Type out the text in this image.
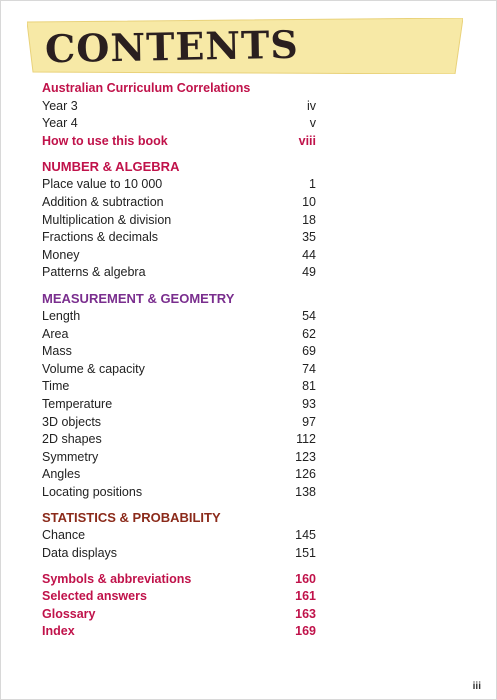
CONTENTS
Australian Curriculum Correlations
Year 3	iv
Year 4	v
How to use this book	viii
NUMBER & ALGEBRA
Place value to 10 000	1
Addition & subtraction	10
Multiplication & division	18
Fractions & decimals	35
Money	44
Patterns & algebra	49
MEASUREMENT & GEOMETRY
Length	54
Area	62
Mass	69
Volume & capacity	74
Time	81
Temperature	93
3D objects	97
2D shapes	112
Symmetry	123
Angles	126
Locating positions	138
STATISTICS & PROBABILITY
Chance	145
Data displays	151
Symbols & abbreviations	160
Selected answers	161
Glossary	163
Index	169
iii
